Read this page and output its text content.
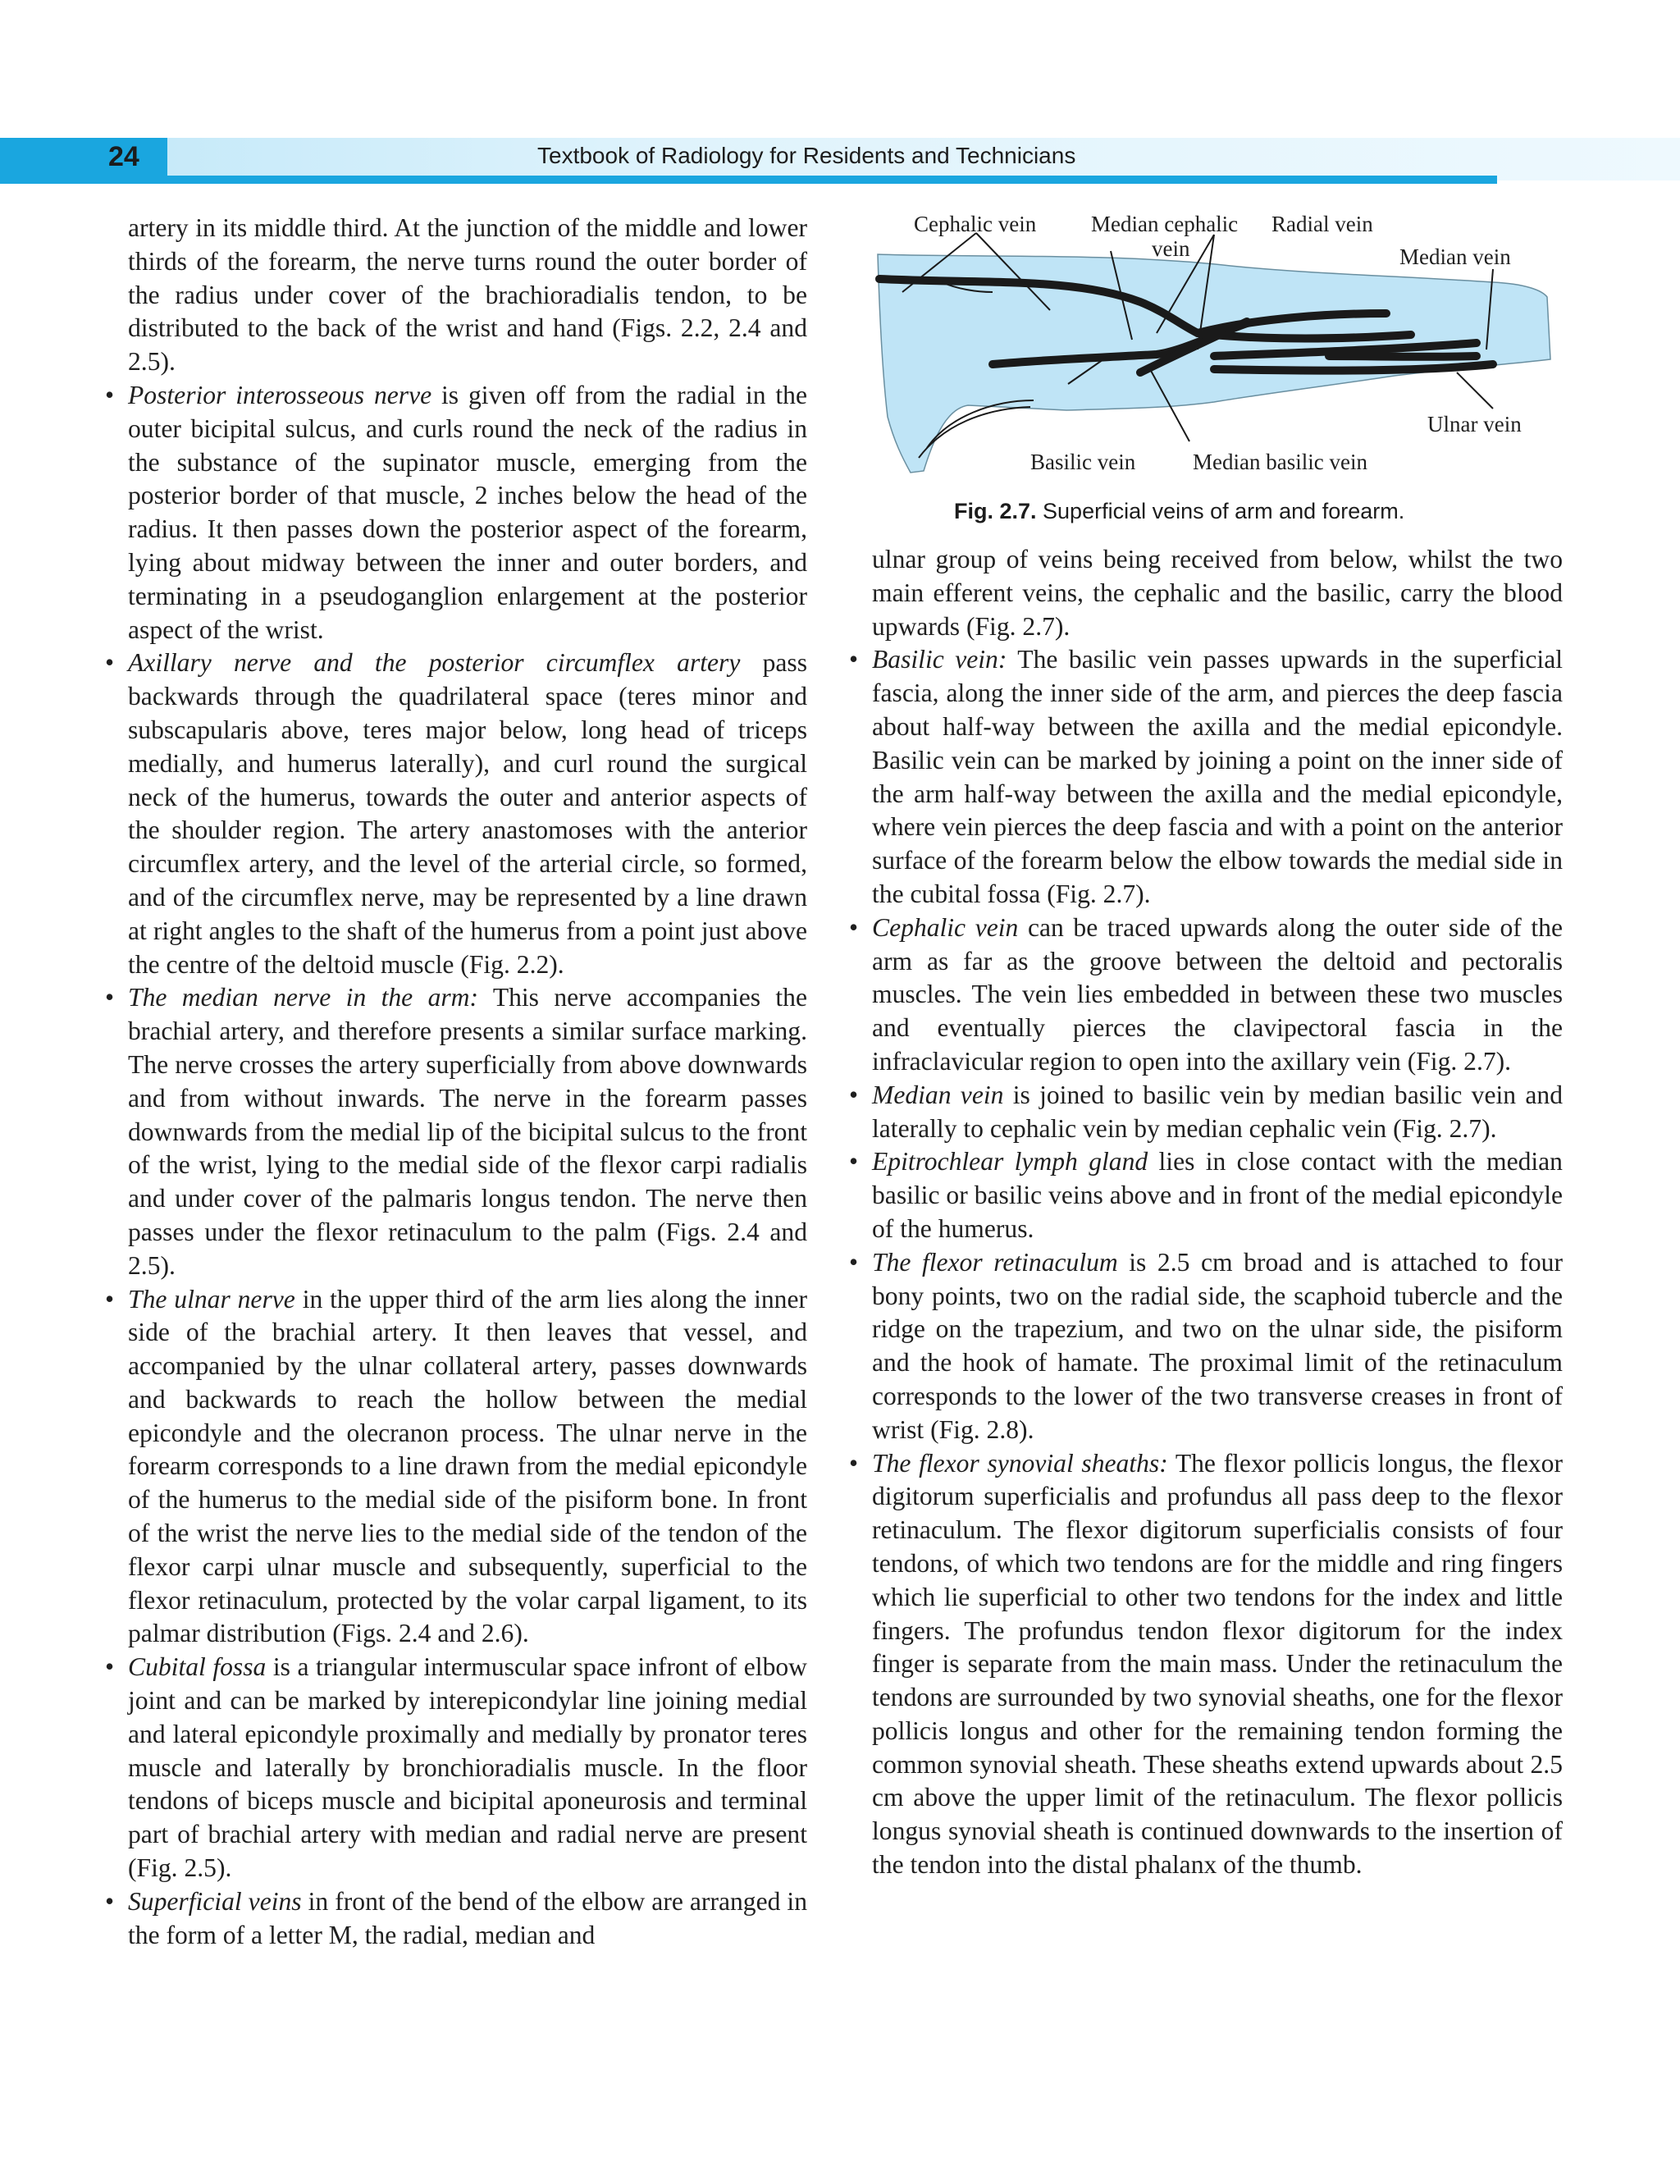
24	Textbook of Radiology for Residents and Technicians

artery in its middle third. At the junction of the middle and lower thirds of the forearm, the nerve turns round the outer border of the radius under cover of the brachioradialis tendon, to be distributed to the back of the wrist and hand (Figs. 2.2, 2.4 and 2.5).

• Posterior interosseous nerve is given off from the radial in the outer bicipital sulcus, and curls round the neck of the radius in the substance of the supinator muscle, emerging from the posterior border of that muscle, 2 inches below the head of the radius. It then passes down the posterior aspect of the forearm, lying about midway between the inner and outer borders, and terminating in a pseudoganglion enlargement at the posterior aspect of the wrist.

• Axillary nerve and the posterior circumflex artery pass backwards through the quadrilateral space (teres minor and subscapularis above, teres major below, long head of triceps medially, and humerus laterally), and curl round the surgical neck of the humerus, towards the outer and anterior aspects of the shoulder region. The artery anastomoses with the anterior circumflex artery, and the level of the arterial circle, so formed, and of the circumflex nerve, may be represented by a line drawn at right angles to the shaft of the humerus from a point just above the centre of the deltoid muscle (Fig. 2.2).

• The median nerve in the arm: This nerve accompanies the brachial artery, and therefore presents a similar surface marking. The nerve crosses the artery superficially from above downwards and from without inwards. The nerve in the forearm passes downwards from the medial lip of the bicipital sulcus to the front of the wrist, lying to the medial side of the flexor carpi radialis and under cover of the palmaris longus tendon. The nerve then passes under the flexor retinaculum to the palm (Figs. 2.4 and 2.5).

• The ulnar nerve in the upper third of the arm lies along the inner side of the brachial artery. It then leaves that vessel, and accompanied by the ulnar collateral artery, passes downwards and backwards to reach the hollow between the medial epicondyle and the olecranon process. The ulnar nerve in the forearm corresponds to a line drawn from the medial epicondyle of the humerus to the medial side of the pisiform bone. In front of the wrist the nerve lies to the medial side of the tendon of the flexor carpi ulnar muscle and subsequently, superficial to the flexor retinaculum, protected by the volar carpal ligament, to its palmar distribution (Figs. 2.4 and 2.6).

• Cubital fossa is a triangular intermuscular space infront of elbow joint and can be marked by interepicondylar line joining medial and lateral epicondyle proximally and medially by pronator teres muscle and laterally by bronchioradialis muscle. In the floor tendons of biceps muscle and bicipital aponeurosis and terminal part of brachial artery with median and radial nerve are present (Fig. 2.5).

• Superficial veins in front of the bend of the elbow are arranged in the form of a letter M, the radial, median and

Cephalic vein Median cephalic
vein
Radial vein
Median vein
Ulnar vein
Basilic vein	Median basilic vein
Fig. 2.7. Superficial veins of arm and forearm.

ulnar group of veins being received from below, whilst the two main efferent veins, the cephalic and the basilic, carry the blood upwards (Fig. 2.7).

• Basilic vein: The basilic vein passes upwards in the superficial fascia, along the inner side of the arm, and pierces the deep fascia about half-way between the axilla and the medial epicondyle. Basilic vein can be marked by joining a point on the inner side of the arm half-way between the axilla and the medial epicondyle, where vein pierces the deep fascia and with a point on the anterior surface of the forearm below the elbow towards the medial side in the cubital fossa (Fig. 2.7).

• Cephalic vein can be traced upwards along the outer side of the arm as far as the groove between the deltoid and pectoralis muscles. The vein lies embedded in between these two muscles and eventually pierces the clavipectoral fascia in the infraclavicular region to open into the axillary vein (Fig. 2.7).

• Median vein is joined to basilic vein by median basilic vein and laterally to cephalic vein by median cephalic vein (Fig. 2.7).

• Epitrochlear lymph gland lies in close contact with the median basilic or basilic veins above and in front of the medial epicondyle of the humerus.

• The flexor retinaculum is 2.5 cm broad and is attached to four bony points, two on the radial side, the scaphoid tubercle and the ridge on the trapezium, and two on the ulnar side, the pisiform and the hook of hamate. The proximal limit of the retinaculum corresponds to the lower of the two transverse creases in front of wrist (Fig. 2.8).

• The flexor synovial sheaths: The flexor pollicis longus, the flexor digitorum superficialis and profundus all pass deep to the flexor retinaculum. The flexor digitorum superficialis consists of four tendons, of which two tendons are for the middle and ring fingers which lie superficial to other two tendons for the index and little fingers. The profundus tendon flexor digitorum for the index finger is separate from the main mass. Under the retinaculum the tendons are surrounded by two synovial sheaths, one for the flexor pollicis longus and other for the remaining tendon forming the common synovial sheath. These sheaths extend upwards about 2.5 cm above the upper limit of the retinaculum. The flexor pollicis longus synovial sheath is continued downwards to the insertion of the tendon into the distal phalanx of the thumb.
